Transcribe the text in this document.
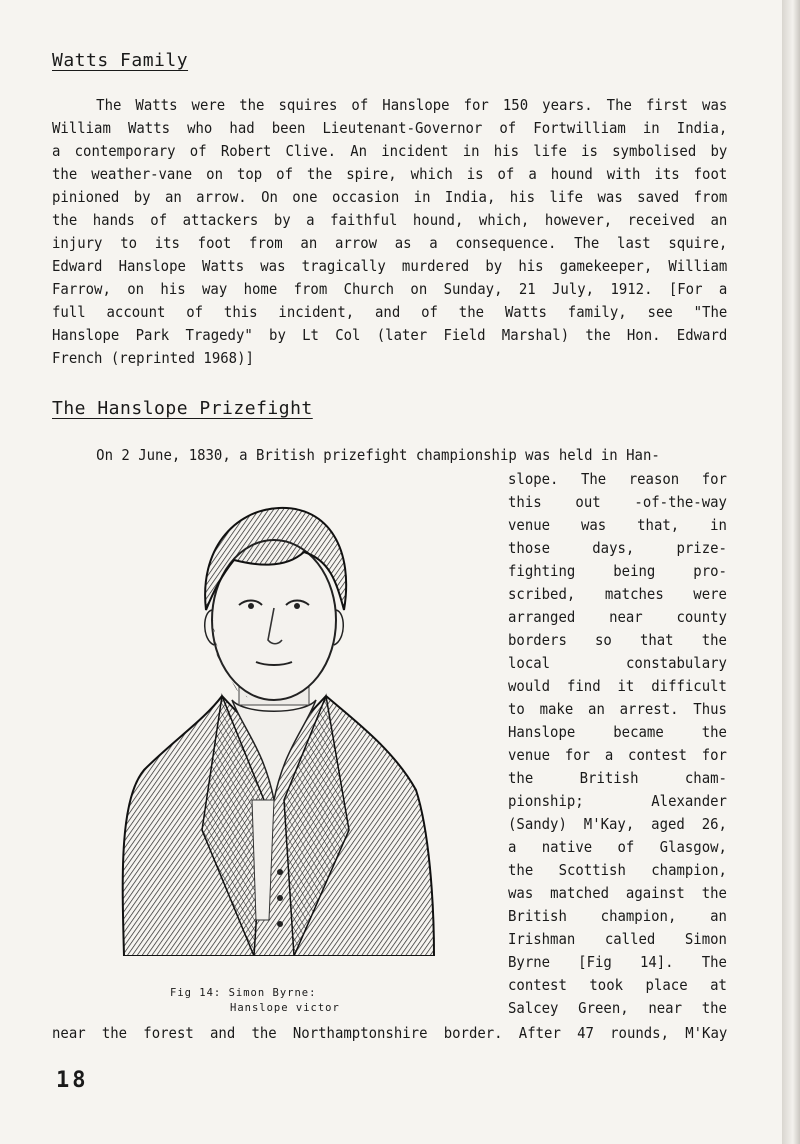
Watts Family
The Watts were the squires of Hanslope for 150 years. The first was
William Watts who had been Lieutenant-Governor of Fortwilliam in India,
a contemporary of Robert Clive. An incident in his life is symbolised by
the weather-vane on top of the spire, which is of a hound with its foot
pinioned by an arrow. On one occasion in India, his life was saved from
the hands of attackers by a faithful hound, which, however, received an
injury to its foot from an arrow as a consequence. The last squire,
Edward Hanslope Watts was tragically murdered by his gamekeeper, William
Farrow, on his way home from Church on Sunday, 21 July, 1912. [For a
full account of this incident, and of the Watts family, see "The
Hanslope Park Tragedy" by Lt Col (later Field Marshal) the Hon. Edward
French (reprinted 1968)]
The Hanslope Prizefight
On 2 June, 1830, a British prizefight championship was held in Han-
slope. The reason for
this out -of-the-way
venue was that, in
those days, prize-
fighting being pro-
scribed, matches were
arranged near county
borders so that the
local constabulary
would find it difficult
to make an arrest. Thus
Hanslope became the
venue for a contest for
the British cham-
pionship; Alexander
(Sandy) M'Kay, aged 26,
a native of Glasgow,
the Scottish champion,
was matched against the
British champion, an
Irishman called Simon
Byrne [Fig 14]. The
contest took place at
Salcey Green, near the
Fig 14: Simon Byrne:
Hanslope victor
near the forest and the Northamptonshire border. After 47 rounds, M'Kay
18
